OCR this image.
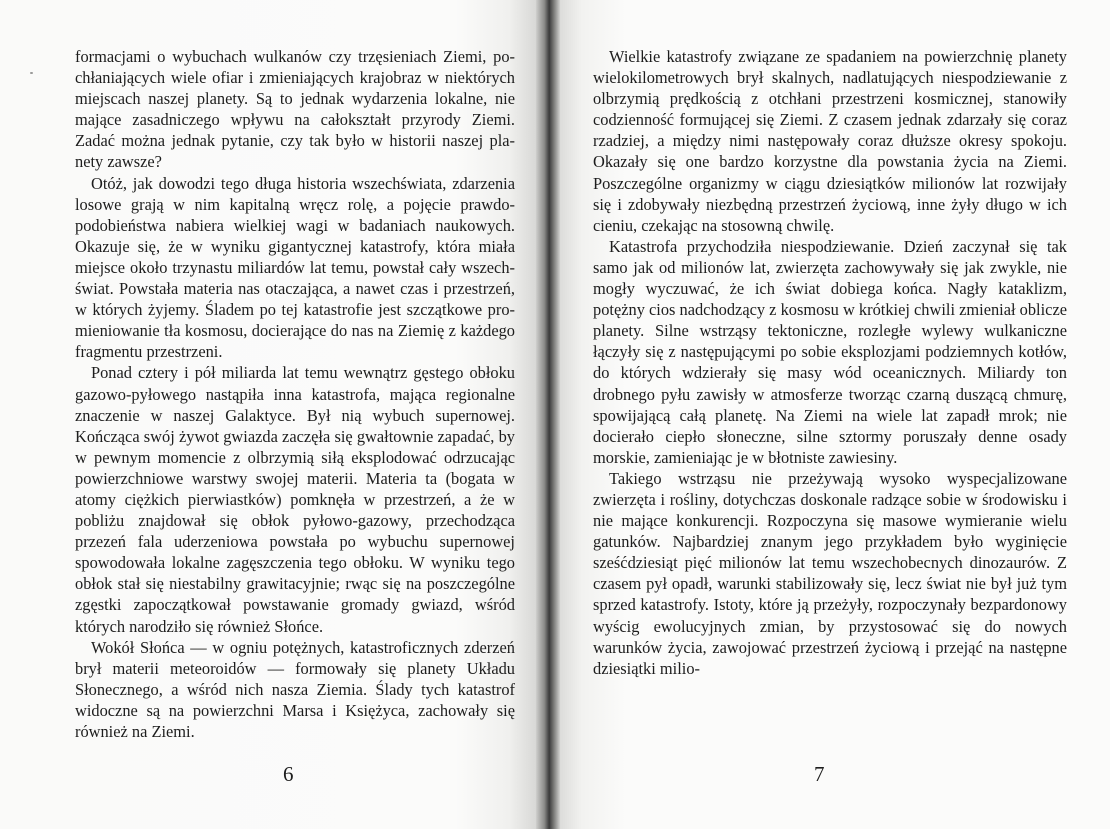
formacjami o wybuchach wulkanów czy trzęsieniach Ziemi, pochłaniających wiele ofiar i zmieniających krajobraz w niektórych miejscach naszej planety. Są to jednak wydarzenia lokalne, nie mające zasadniczego wpływu na całokształt przyrody Ziemi. Zadać można jednak pytanie, czy tak było w historii naszej planety zawsze?

Otóż, jak dowodzi tego długa historia wszechświata, zdarzenia losowe grają w nim kapitalną wręcz rolę, a pojęcie prawdopodobieństwa nabiera wielkiej wagi w badaniach naukowych. Okazuje się, że w wyniku gigantycznej katastrofy, która miała miejsce około trzynastu miliardów lat temu, powstał cały wszechświat. Powstała materia nas otaczająca, a nawet czas i przestrzeń, w których żyjemy. Śladem po tej katastrofie jest szczątkowe promieniowanie tła kosmosu, docierające do nas na Ziemię z każdego fragmentu przestrzeni.

Ponad cztery i pół miliarda lat temu wewnątrz gęstego obłoku gazowo-pyłowego nastąpiła inna katastrofa, mająca regionalne znaczenie w naszej Galaktyce. Był nią wybuch supernowej. Kończąca swój żywot gwiazda zaczęła się gwałtownie zapadać, by w pewnym momencie z olbrzymią siłą eksplodować odrzucając powierzchniowe warstwy swojej materii. Materia ta (bogata w atomy ciężkich pierwiastków) pomknęła w przestrzeń, a że w pobliżu znajdował się obłok pyłowo-gazowy, przechodząca przezeń fala uderzeniowa powstała po wybuchu supernowej spowodowała lokalne zagęszczenia tego obłoku. W wyniku tego obłok stał się niestabilny grawitacyjnie; rwąc się na poszczególne zgęstki zapoczątkował powstawanie gromady gwiazd, wśród których narodziło się również Słońce.

Wokół Słońca — w ogniu potężnych, katastroficznych zderzeń brył materii meteoroidów — formowały się planety Układu Słonecznego, a wśród nich nasza Ziemia. Ślady tych katastrof widoczne są na powierzchni Marsa i Księżyca, zachowały się również na Ziemi.

6

Wielkie katastrofy związane ze spadaniem na powierzchnię planety wielokilometrowych brył skalnych, nadlatujących niespodziewanie z olbrzymią prędkością z otchłani przestrzeni kosmicznej, stanowiły codzienność formującej się Ziemi. Z czasem jednak zdarzały się coraz rzadziej, a między nimi następowały coraz dłuższe okresy spokoju. Okazały się one bardzo korzystne dla powstania życia na Ziemi. Poszczególne organizmy w ciągu dziesiątków milionów lat rozwijały się i zdobywały niezbędną przestrzeń życiową, inne żyły długo w ich cieniu, czekając na stosowną chwilę.

Katastrofa przychodziła niespodziewanie. Dzień zaczynał się tak samo jak od milionów lat, zwierzęta zachowywały się jak zwykle, nie mogły wyczuwać, że ich świat dobiega końca. Nagły kataklizm, potężny cios nadchodzący z kosmosu w krótkiej chwili zmieniał oblicze planety. Silne wstrząsy tektoniczne, rozległe wylewy wulkaniczne łączyły się z następującymi po sobie eksplozjami podziemnych kotłów, do których wdzierały się masy wód oceanicznych. Miliardy ton drobnego pyłu zawisły w atmosferze tworząc czarną duszącą chmurę, spowijającą całą planetę. Na Ziemi na wiele lat zapadł mrok; nie docierało ciepło słoneczne, silne sztormy poruszały denne osady morskie, zamieniając je w błotniste zawiesiny.

Takiego wstrząsu nie przeżywają wysoko wyspecjalizowane zwierzęta i rośliny, dotychczas doskonale radzące sobie w środowisku i nie mające konkurencji. Rozpoczyna się masowe wymieranie wielu gatunków. Najbardziej znanym jego przykładem było wyginięcie sześćdziesiąt pięć milionów lat temu wszechobecnych dinozaurów. Z czasem pył opadł, warunki stabilizowały się, lecz świat nie był już tym sprzed katastrofy. Istoty, które ją przeżyły, rozpoczynały bezpardonowy wyścig ewolucyjnych zmian, by przystosować się do nowych warunków życia, zawojować przestrzeń życiową i przejąć na następne dziesiątki milio-

7
